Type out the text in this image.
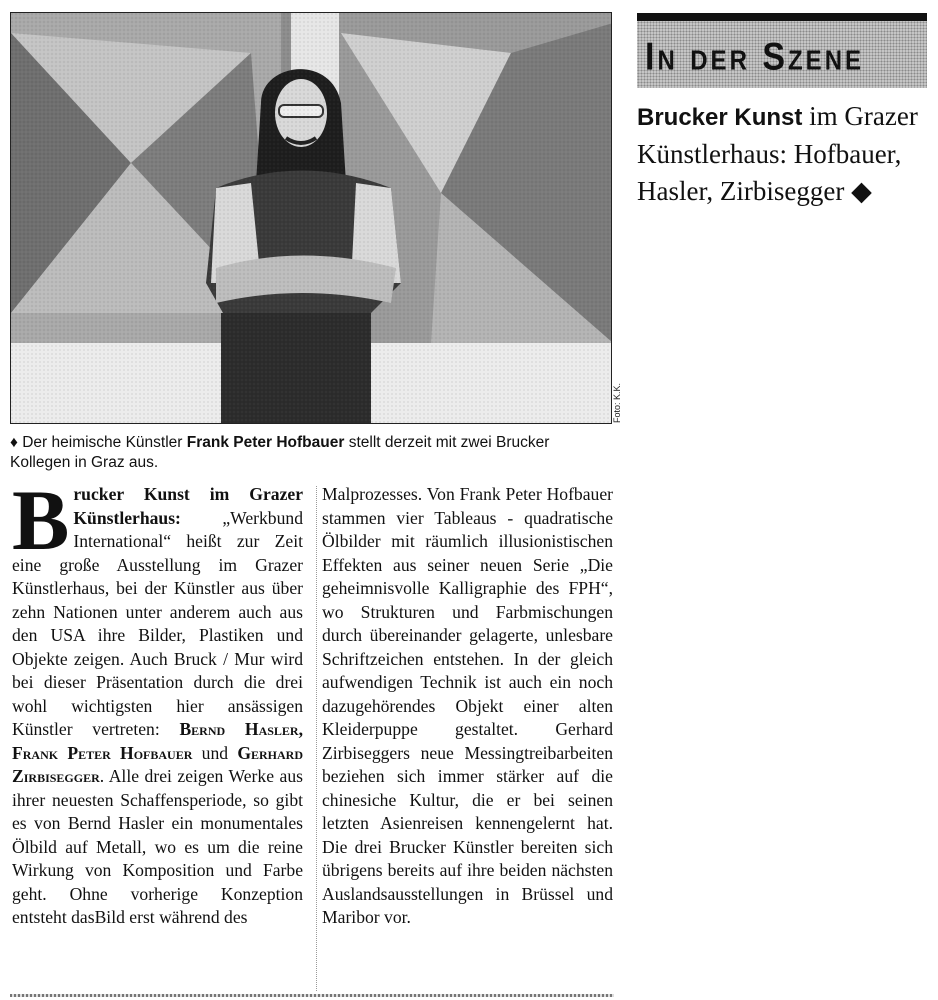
Foto: K.K.
♦ Der heimische Künstler Frank Peter Hofbauer stellt derzeit mit zwei Brucker Kollegen in Graz aus.
Brucker Kunst im Grazer Künstlerhaus: „Werkbund International“ heißt zur Zeit eine große Ausstellung im Grazer Künstlerhaus, bei der Künstler aus über zehn Nationen unter anderem auch aus den USA ihre Bilder, Plastiken und Objekte zeigen. Auch Bruck / Mur wird bei dieser Präsentation durch die drei wohl wichtigsten hier ansässigen Künstler vertreten: Bernd Hasler, Frank Peter Hofbauer und Gerhard Zirbisegger. Alle drei zeigen Werke aus ihrer neuesten Schaffensperiode, so gibt es von Bernd Hasler ein monumentales Ölbild auf Metall, wo es um die reine Wirkung von Komposition und Farbe geht. Ohne vorherige Konzeption entsteht dasBild erst während des
Malprozesses. Von Frank Peter Hofbauer stammen vier Tableaus - quadratische Ölbilder mit räumlich illusionistischen Effekten aus seiner neuen Serie „Die geheimnisvolle Kalligraphie des FPH“, wo Strukturen und Farbmischungen durch übereinander gelagerte, unlesbare Schriftzeichen entstehen. In der gleich aufwendigen Technik ist auch ein noch dazugehörendes Objekt einer alten Kleiderpuppe gestaltet. Gerhard Zirbiseggers neue Messingtreibarbeiten beziehen sich immer stärker auf die chinesiche Kultur, die er bei seinen letzten Asienreisen kennengelernt hat. Die drei Brucker Künstler bereiten sich übrigens bereits auf ihre beiden nächsten Auslandsausstellungen in Brüssel und Maribor vor.
In der Szene
Brucker Kunst im Grazer Künstlerhaus: Hofbauer, Hasler, Zirbisegger ◆
